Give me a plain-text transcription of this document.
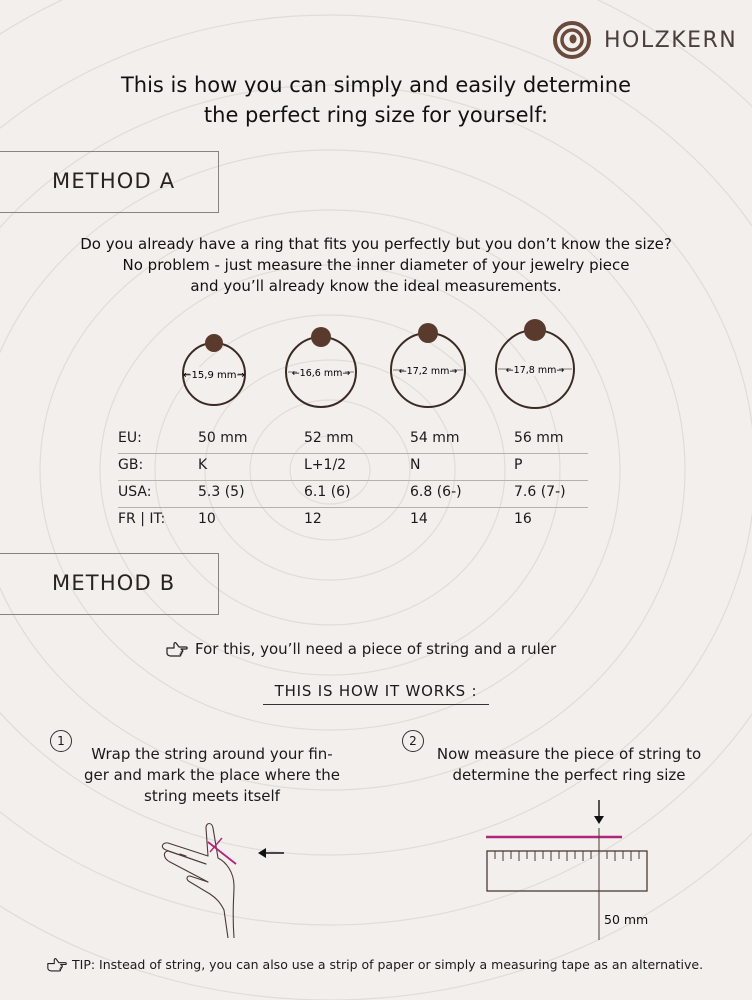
HOLZKERN
This is how you can simply and easily determine
the perfect ring size for yourself:
METHOD A
Do you already have a ring that fits you perfectly but you don’t know the size?
No problem - just measure the inner diameter of your jewelry piece
and you’ll already know the ideal measurements.
←15,9 mm→	←16,6 mm→	←17,2 mm→	←17,8 mm→
EU:	50 mm	52 mm	54 mm	56 mm
GB:	K	L+1/2	N	P
USA:	5.3 (5)	6.1 (6)	6.8 (6-)	7.6 (7-)
FR | IT: 10	12	14	16
METHOD B
For this, you’ll need a piece of string and a ruler
THIS IS HOW IT WORKS :
1	2
Wrap the string around your fin-
ger and mark the place where the
string meets itself
Now measure the piece of string to
determine the perfect ring size
50 mm
TIP: Instead of string, you can also use a strip of paper or simply a measuring tape as an alternative.
